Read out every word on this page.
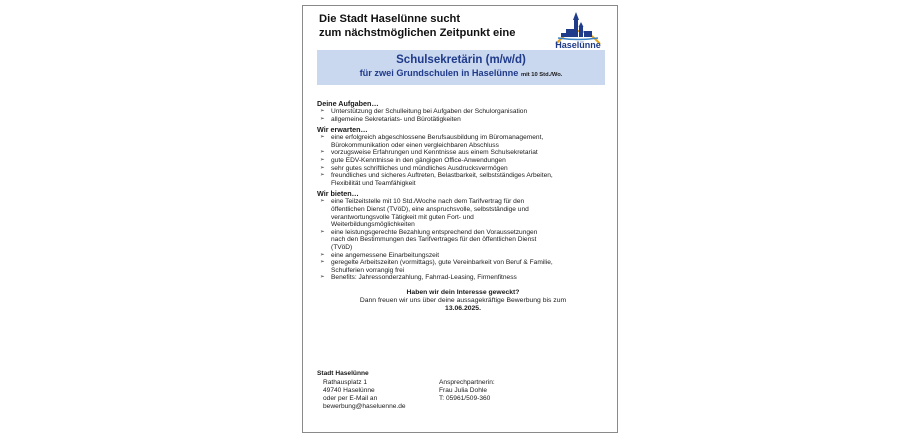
Die Stadt Haselünne sucht
zum nächstmöglichen Zeitpunkt eine
Haselünne
Schulsekretärin (m/w/d)
für zwei Grundschulen in Haselünne mit 10 Std./Wo.
Deine Aufgaben…
➢ Unterstützung der Schulleitung bei Aufgaben der Schulorganisation
➢ allgemeine Sekretariats- und Bürotätigkeiten
Wir erwarten…
➢ eine erfolgreich abgeschlossene Berufsausbildung im Büromanagement,
Bürokommunikation oder einen vergleichbaren Abschluss
➢ vorzugsweise Erfahrungen und Kenntnisse aus einem Schulsekretariat
➢ gute EDV-Kenntnisse in den gängigen Office-Anwendungen
➢ sehr gutes schriftliches und mündliches Ausdrucksvermögen
➢ freundliches und sicheres Auftreten, Belastbarkeit, selbstständiges Arbeiten,
Flexibilität und Teamfähigkeit
Wir bieten…
➢ eine Teilzeitstelle mit 10 Std./Woche nach dem Tarifvertrag für den
öffentlichen Dienst (TVöD), eine anspruchsvolle, selbstständige und
verantwortungsvolle Tätigkeit mit guten Fort- und
Weiterbildungsmöglichkeiten
➢ eine leistungsgerechte Bezahlung entsprechend den Voraussetzungen
nach den Bestimmungen des Tarifvertrages für den öffentlichen Dienst
(TVöD)
➢ eine angemessene Einarbeitungszeit
➢ geregelte Arbeitszeiten (vormittags), gute Vereinbarkeit von Beruf & Familie,
Schulferien vorrangig frei
➢ Benefits: Jahressonderzahlung, Fahrrad-Leasing, Firmenfitness
Haben wir dein Interesse geweckt?
Dann freuen wir uns über deine aussagekräftige Bewerbung bis zum
13.06.2025.
Stadt Haselünne
Rathausplatz 1
49740 Haselünne
oder per E-Mail an
bewerbung@haseluenne.de
Ansprechpartnerin:
Frau Julia Dohle
T: 05961/509-360
